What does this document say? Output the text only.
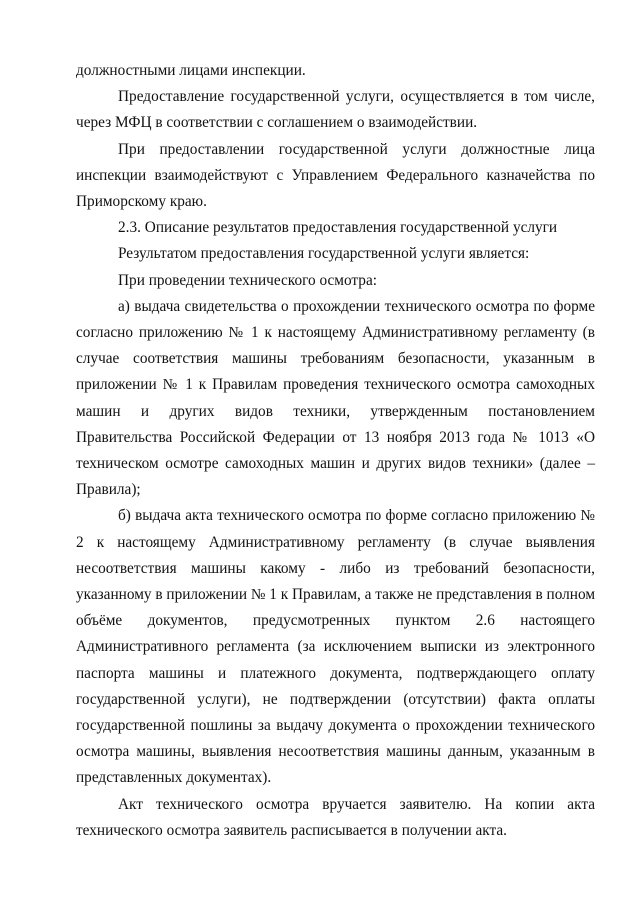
должностными лицами инспекции.

Предоставление государственной услуги, осуществляется в том числе, через МФЦ в соответствии с соглашением о взаимодействии.

При предоставлении государственной услуги должностные лица инспекции взаимодействуют с Управлением Федерального казначейства по Приморскому краю.

2.3. Описание результатов предоставления государственной услуги

Результатом предоставления государственной услуги является:

При проведении технического осмотра:

а) выдача свидетельства о прохождении технического осмотра по форме согласно приложению № 1 к настоящему Административному регламенту (в случае соответствия машины требованиям безопасности, указанным в приложении № 1 к Правилам проведения технического осмотра самоходных машин и других видов техники, утвержденным постановлением Правительства Российской Федерации от 13 ноября 2013 года № 1013 «О техническом осмотре самоходных машин и других видов техники» (далее – Правила);

б) выдача акта технического осмотра по форме согласно приложению № 2 к настоящему Административному регламенту (в случае выявления несоответствия машины какому - либо из требований безопасности, указанному в приложении № 1 к Правилам, а также не представления в полном объёме документов, предусмотренных пунктом 2.6 настоящего Административного регламента (за исключением выписки из электронного паспорта машины и платежного документа, подтверждающего оплату государственной услуги), не подтверждении (отсутствии) факта оплаты государственной пошлины за выдачу документа о прохождении технического осмотра машины, выявления несоответствия машины данным, указанным в представленных документах).

Акт технического осмотра вручается заявителю. На копии акта технического осмотра заявитель расписывается в получении акта.
